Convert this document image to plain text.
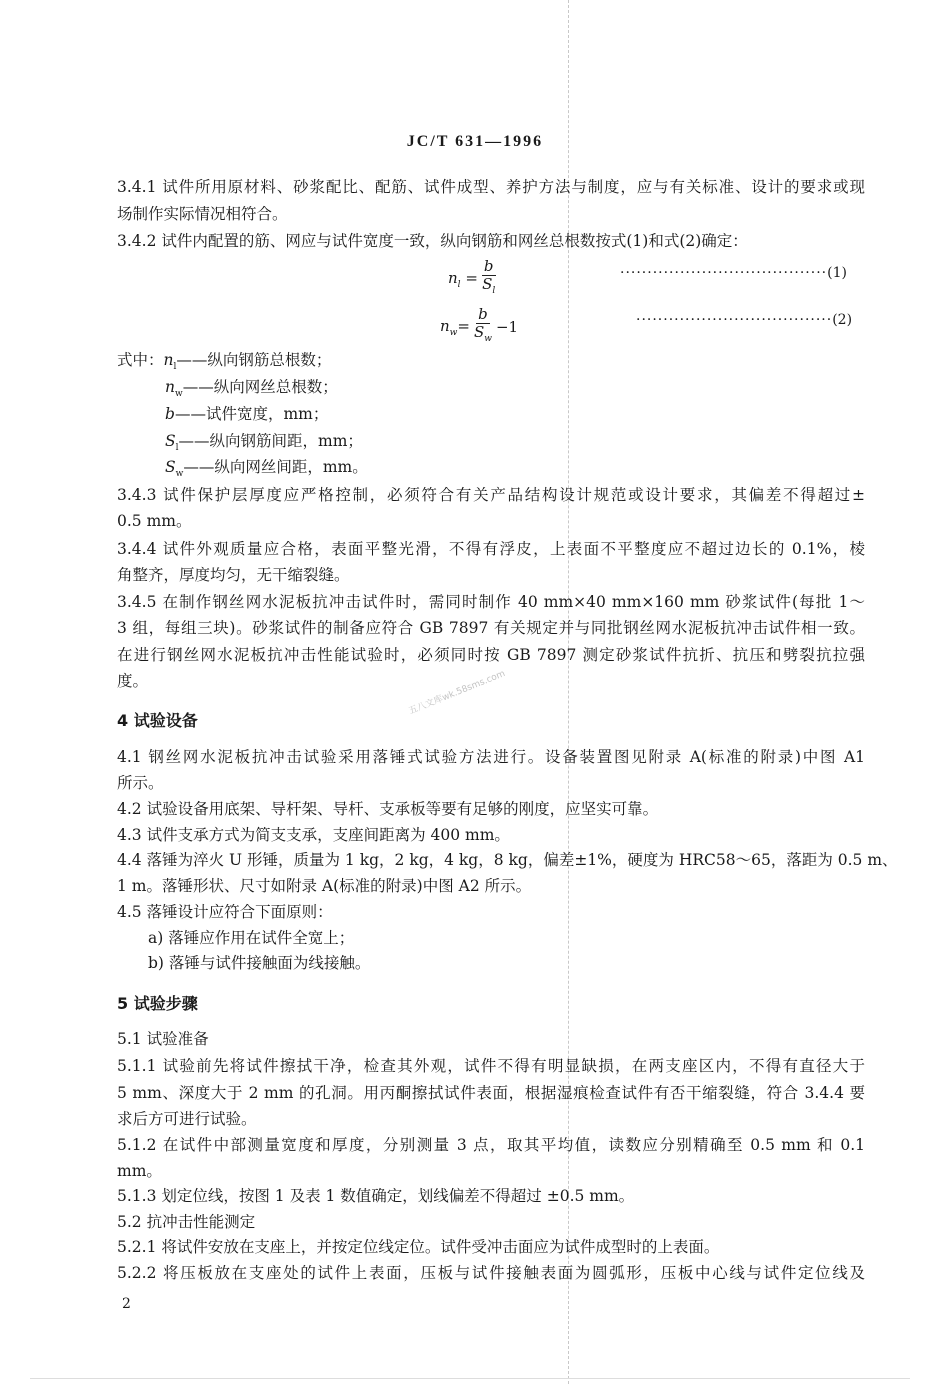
五八文库wk.58sms.com
JC/T 631—1996
3.4.1 试件所用原材料、砂浆配比、配筋、试件成型、养护方法与制度，应与有关标准、设计的要求或现
场制作实际情况相符合。
3.4.2 试件内配置的筋、网应与试件宽度一致，纵向钢筋和网丝总根数按式(1)和式(2)确定：
$n_l = \frac{b}{S_l}$	······································(1)
$n_w= \frac{b}{S_w} -1$	····································(2)
式中：$n_l——$纵向钢筋总根数；
$n_w——$纵向网丝总根数；
b——试件宽度，mm；
$S_l——$纵向钢筋间距，mm；
$S_w——$纵向网丝间距，mm。
3.4.3 试件保护层厚度应严格控制，必须符合有关产品结构设计规范或设计要求，其偏差不得超过±
0.5 mm。
3.4.4 试件外观质量应合格，表面平整光滑，不得有浮皮，上表面不平整度应不超过边长的 0.1%，棱
角整齐，厚度均匀，无干缩裂缝。
3.4.5 在制作钢丝网水泥板抗冲击试件时，需同时制作 40 mm×40 mm×160 mm 砂浆试件(每批 1～
3 组，每组三块)。砂浆试件的制备应符合 GB 7897 有关规定并与同批钢丝网水泥板抗冲击试件相一致。
在进行钢丝网水泥板抗冲击性能试验时，必须同时按 GB 7897 测定砂浆试件抗折、抗压和劈裂抗拉强
度。
4 试验设备
4.1 钢丝网水泥板抗冲击试验采用落锤式试验方法进行。设备装置图见附录 A(标准的附录)中图 A1
所示。
4.2 试验设备用底架、导杆架、导杆、支承板等要有足够的刚度，应坚实可靠。
4.3 试件支承方式为简支支承，支座间距离为 400 mm。
4.4 落锤为淬火 U 形锤，质量为 1 kg，2 kg，4 kg，8 kg，偏差±1%，硬度为 HRC58～65，落距为 0.5 m、
1 m。落锤形状、尺寸如附录 A(标准的附录)中图 A2 所示。
4.5 落锤设计应符合下面原则：
a) 落锤应作用在试件全宽上；
b) 落锤与试件接触面为线接触。
5 试验步骤
5.1 试验准备
5.1.1 试验前先将试件擦拭干净，检查其外观，试件不得有明显缺损，在两支座区内，不得有直径大于
5 mm、深度大于 2 mm 的孔洞。用丙酮擦拭试件表面，根据湿痕检查试件有否干缩裂缝，符合 3.4.4 要
求后方可进行试验。
5.1.2 在试件中部测量宽度和厚度，分别测量 3 点，取其平均值，读数应分别精确至 0.5 mm 和 0.1
mm。
5.1.3 划定位线，按图 1 及表 1 数值确定，划线偏差不得超过 ±0.5 mm。
5.2 抗冲击性能测定
5.2.1 将试件安放在支座上，并按定位线定位。试件受冲击面应为试件成型时的上表面。
5.2.2 将压板放在支座处的试件上表面，压板与试件接触表面为圆弧形，压板中心线与试件定位线及
2
